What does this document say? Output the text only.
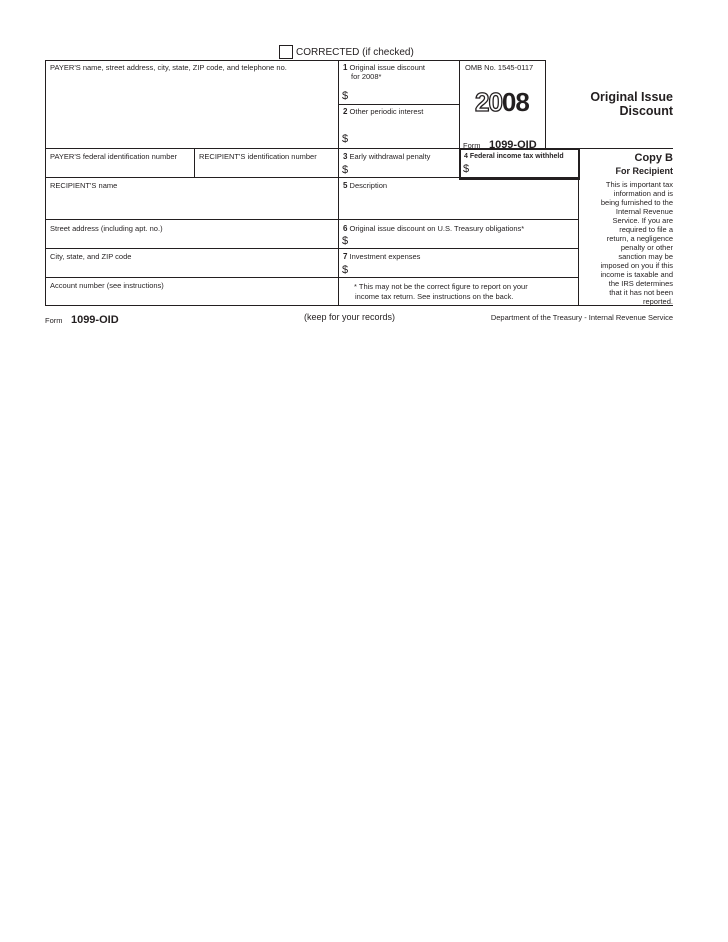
CORRECTED (if checked)
PAYER'S name, street address, city, state, ZIP code, and telephone no.	1 Original issue discount
for 2008*
$
2 Other periodic interest
$
OMB No. 1545-0117
2008
Form 1099-OID
Original Issue
Discount
Copy B
For Recipient
This is important tax
information and is
being furnished to the
Internal Revenue
Service. If you are
required to file a
return, a negligence
penalty or other
sanction may be
imposed on you if this
income is taxable and
the IRS determines
that it has not been
reported.
PAYER'S federal identification number	RECIPIENT'S identification number	3 Early withdrawal penalty
$
4 Federal income tax withheld
$
RECIPIENT'S name	5 Description
Street address (including apt. no.)	6 Original issue discount on U.S. Treasury obligations*
$
City, state, and ZIP code	7 Investment expenses
$
Account number (see instructions)	* This may not be the correct figure to report on your
income tax return. See instructions on the back.
Form 1099-OID	(keep for your records)	Department of the Treasury - Internal Revenue Service
